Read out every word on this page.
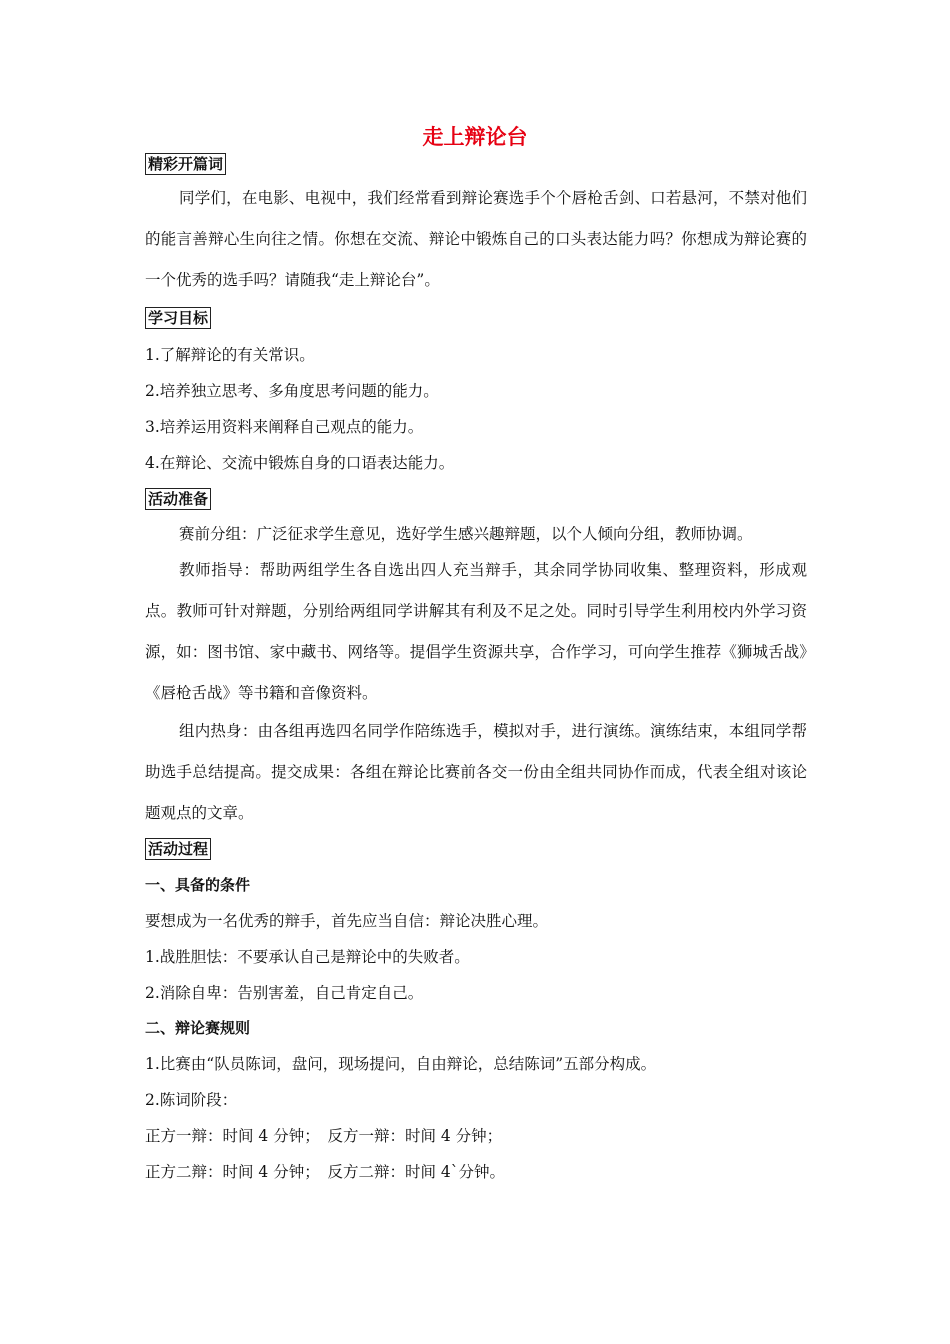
走上辩论台
精彩开篇词
同学们，在电影、电视中，我们经常看到辩论赛选手个个唇枪舌剑、口若悬河，不禁对他们的能言善辩心生向往之情。你想在交流、辩论中锻炼自己的口头表达能力吗？你想成为辩论赛的一个优秀的选手吗？请随我“走上辩论台”。
学习目标
1.了解辩论的有关常识。
2.培养独立思考、多角度思考问题的能力。
3.培养运用资料来阐释自己观点的能力。
4.在辩论、交流中锻炼自身的口语表达能力。
活动准备
赛前分组：广泛征求学生意见，选好学生感兴趣辩题，以个人倾向分组，教师协调。
教师指导：帮助两组学生各自选出四人充当辩手，其余同学协同收集、整理资料，形成观点。教师可针对辩题，分别给两组同学讲解其有利及不足之处。同时引导学生利用校内外学习资源，如：图书馆、家中藏书、网络等。提倡学生资源共享，合作学习，可向学生推荐《狮城舌战》《唇枪舌战》等书籍和音像资料。
组内热身：由各组再选四名同学作陪练选手，模拟对手，进行演练。演练结束，本组同学帮助选手总结提高。提交成果：各组在辩论比赛前各交一份由全组共同协作而成，代表全组对该论题观点的文章。
活动过程
一、具备的条件
要想成为一名优秀的辩手，首先应当自信：辩论决胜心理。
1.战胜胆怯：不要承认自己是辩论中的失败者。
2.消除自卑：告别害羞，自己肯定自己。
二、辩论赛规则
1.比赛由“队员陈词，盘问，现场提问，自由辩论，总结陈词”五部分构成。
2.陈词阶段：
正方一辩：时间 4 分钟；　反方一辩：时间 4 分钟；
正方二辩：时间 4 分钟；　反方二辩：时间 4`分钟。
